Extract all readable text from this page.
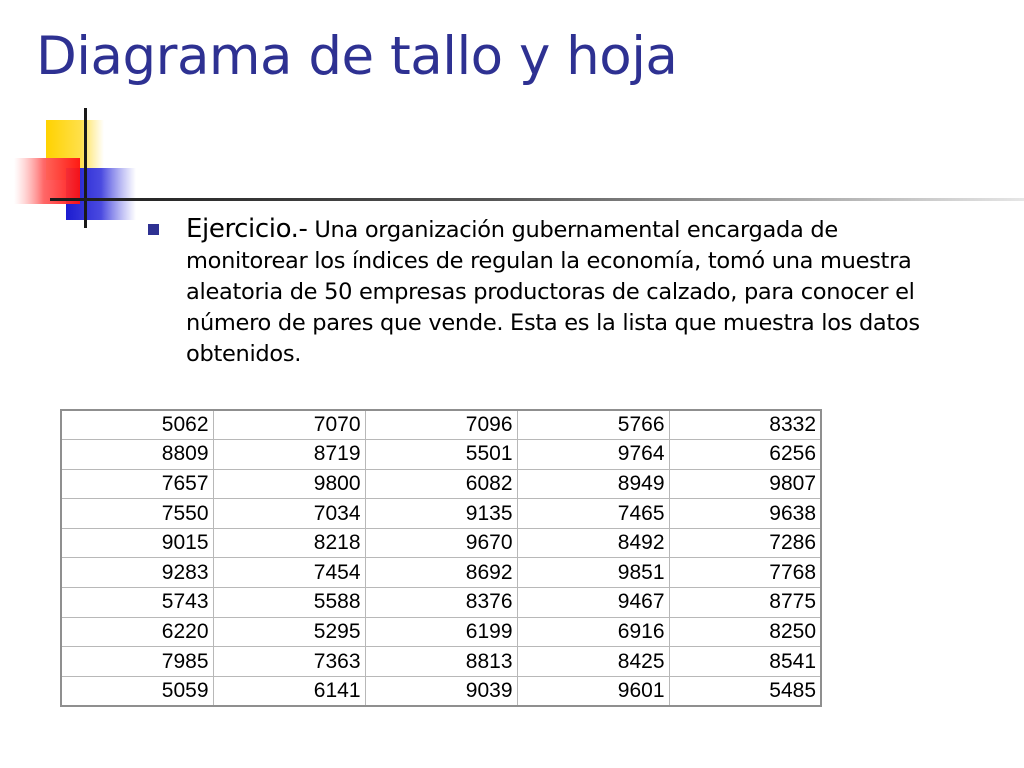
Diagrama de tallo y hoja

Ejercicio.- Una organización gubernamental encargada de monitorear los índices de regulan la economía, tomó una muestra aleatoria de 50 empresas productoras de calzado, para conocer el número de pares que vende. Esta es la lista que muestra los datos obtenidos.

5062	7070	7096	5766	8332
8809	8719	5501	9764	6256
7657	9800	6082	8949	9807
7550	7034	9135	7465	9638
9015	8218	9670	8492	7286
9283	7454	8692	9851	7768
5743	5588	8376	9467	8775
6220	5295	6199	6916	8250
7985	7363	8813	8425	8541
5059	6141	9039	9601	5485
